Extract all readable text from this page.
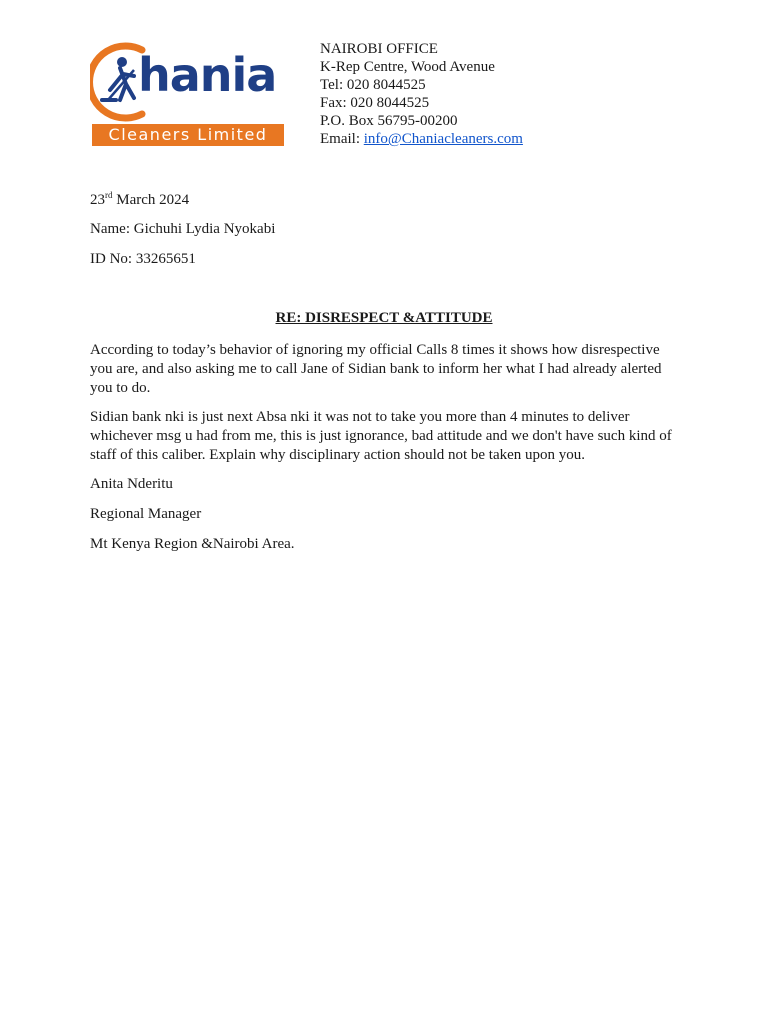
hania
Cleaners Limited
NAIROBI OFFICE
K-Rep Centre, Wood Avenue
Tel: 020 8044525
Fax: 020 8044525
P.O. Box 56795-00200
Email: info@Chaniacleaners.com
23rd March 2024
Name: Gichuhi Lydia Nyokabi
ID No: 33265651
RE: DISRESPECT &ATTITUDE
According to today’s behavior of ignoring my official Calls 8 times it shows how disrespective you are, and also asking me to call Jane of Sidian bank to inform her what I had already alerted you to do.
Sidian bank nki is just next Absa nki it was not to take you more than 4 minutes to deliver whichever msg u had from me, this is just ignorance, bad attitude and we don't have such kind of staff of this caliber. Explain why disciplinary action should not be taken upon you.
Anita Nderitu
Regional Manager
Mt Kenya Region &Nairobi Area.
